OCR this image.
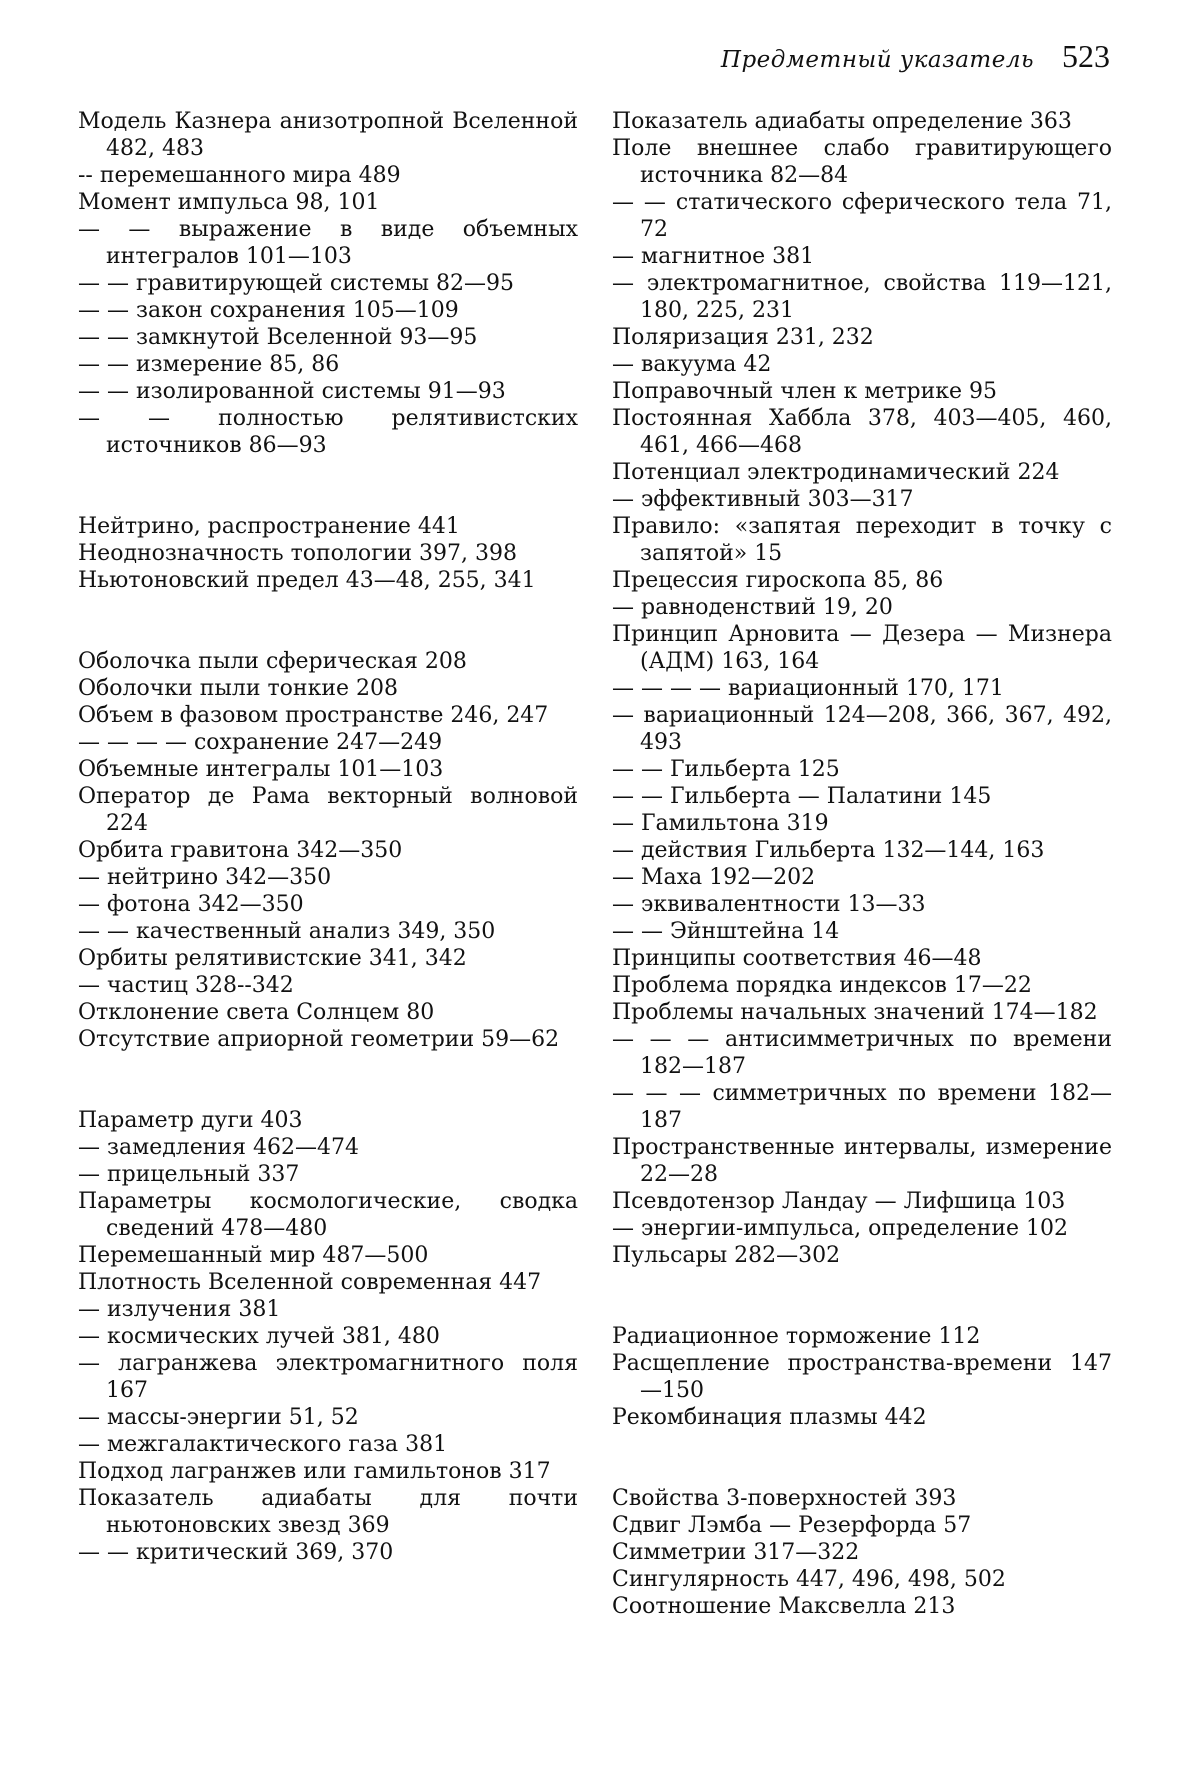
Предметный указатель 523
Модель Казнера анизотропной Вселенной 482, 483
-- перемешанного мира 489
Момент импульса 98, 101
— — выражение в виде объемных интегралов 101—103
— — гравитирующей системы 82—95
— — закон сохранения 105—109
— — замкнутой Вселенной 93—95
— — измерение 85, 86
— — изолированной системы 91—93
— — полностью релятивистских источников 86—93
Нейтрино, распространение 441
Неоднозначность топологии 397, 398
Ньютоновский предел 43—48, 255, 341
Оболочка пыли сферическая 208
Оболочки пыли тонкие 208
Объем в фазовом пространстве 246, 247
— — — — сохранение 247—249
Объемные интегралы 101—103
Оператор де Рама векторный волновой 224
Орбита гравитона 342—350
— нейтрино 342—350
— фотона 342—350
— — качественный анализ 349, 350
Орбиты релятивистские 341, 342
— частиц 328--342
Отклонение света Солнцем 80
Отсутствие априорной геометрии 59—62
Параметр дуги 403
— замедления 462—474
— прицельный 337
Параметры космологические, сводка сведений 478—480
Перемешанный мир 487—500
Плотность Вселенной современная 447
— излучения 381
— космических лучей 381, 480
— лагранжева электромагнитного поля 167
— массы-энергии 51, 52
— межгалактического газа 381
Подход лагранжев или гамильтонов 317
Показатель адиабаты для почти ньютоновских звезд 369
— — критический 369, 370
Показатель адиабаты определение 363
Поле внешнее слабо гравитирующего источника 82—84
— — статического сферического тела 71, 72
— магнитное 381
— электромагнитное, свойства 119—121, 180, 225, 231
Поляризация 231, 232
— вакуума 42
Поправочный член к метрике 95
Постоянная Хаббла 378, 403—405, 460, 461, 466—468
Потенциал электродинамический 224
— эффективный 303—317
Правило: «запятая переходит в точку с запятой» 15
Прецессия гироскопа 85, 86
— равноденствий 19, 20
Принцип Арновита — Дезера — Мизнера (АДМ) 163, 164
— — — — вариационный 170, 171
— вариационный 124—208, 366, 367, 492, 493
— — Гильберта 125
— — Гильберта — Палатини 145
— Гамильтона 319
— действия Гильберта 132—144, 163
— Маха 192—202
— эквивалентности 13—33
— — Эйнштейна 14
Принципы соответствия 46—48
Проблема порядка индексов 17—22
Проблемы начальных значений 174—182
— — — антисимметричных по времени 182—187
— — — симметричных по времени 182—187
Пространственные интервалы, измерение 22—28
Псевдотензор Ландау — Лифшица 103
— энергии-импульса, определение 102
Пульсары 282—302
Радиационное торможение 112
Расщепление пространства-времени 147—150
Рекомбинация плазмы 442
Свойства 3-поверхностей 393
Сдвиг Лэмба — Резерфорда 57
Симметрии 317—322
Сингулярность 447, 496, 498, 502
Соотношение Максвелла 213
